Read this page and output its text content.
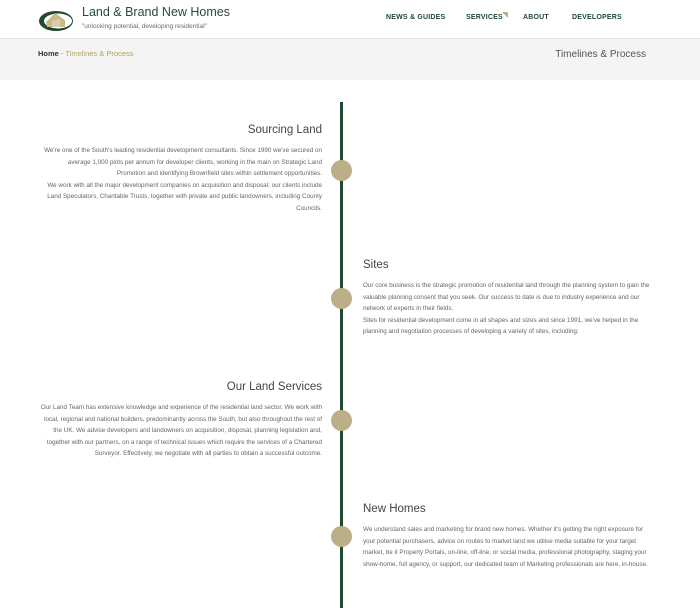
Land & Brand New Homes
"unlocking potential, developing residential"
NEWS & GUIDES	SERVICES	ABOUT	DEVELOPERS
Home - Timelines & Process	Timelines & Process
Sourcing Land

We're one of the South's leading residential development consultants. Since 1990 we've secured on average 1,000 plots per annum for developer clients, working in the main on Strategic Land Promotion and identifying Brownfield sites within settlement opportunities.

We work with all the major development companies on acquisition and disposal; our clients include Land Speculators, Charitable Trusts, together with private and public landowners, including County Councils.

Sites

Our core business is the strategic promotion of residential land through the planning system to gain the valuable planning consent that you seek. Our success to date is due to industry experience and our network of experts in their fields.

Sites for residential development come in all shapes and sizes and since 1991, we've helped in the planning and negotiation processes of developing a variety of sites, including:

Our Land Services

Our Land Team has extensive knowledge and experience of the residential land sector. We work with local, regional and national builders, predominantly across the South, but also throughout the rest of the UK. We advise developers and landowners on acquisition, disposal, planning legislation and, together with our partners, on a range of technical issues which require the services of a Chartered Surveyor. Effectively, we negotiate with all parties to obtain a successful outcome.

New Homes

We understand sales and marketing for brand new homes. Whether it's getting the right exposure for your potential purchasers, advice on routes to market land we utilise media suitable for your target market, be it Property Portals, on-line, off-line, or social media, professional photography, staging your show-home, full agency, or support, our dedicated team of Marketing professionals are here, in-house.
